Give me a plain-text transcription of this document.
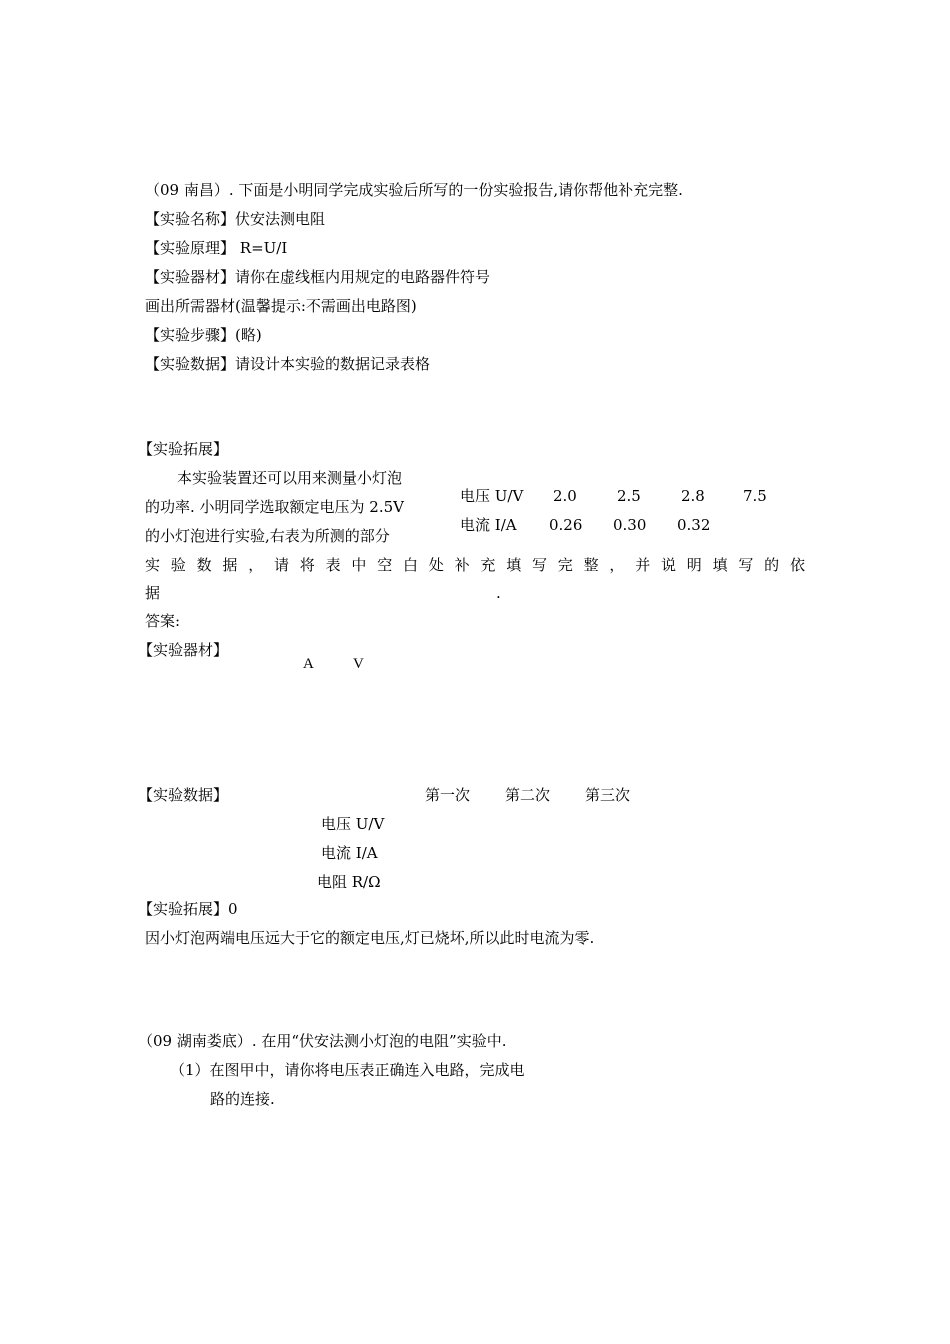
（09 南昌）. 下面是小明同学完成实验后所写的一份实验报告,请你帮他补充完整.
【实验名称】伏安法测电阻
【实验原理】 R=U/I
【实验器材】请你在虚线框内用规定的电路器件符号
画出所需器材(温馨提示:不需画出电路图)
【实验步骤】(略)
【实验数据】请设计本实验的数据记录表格
【实验拓展】
本实验装置还可以用来测量小灯泡
的功率. 小明同学选取额定电压为 2.5V
的小灯泡进行实验,右表为所测的部分
实验数据，请将表中空白处补充填写完整，并说明填写的依
据	.
电压 U/V 2.0	2.5	2.8	7.5
电流 I/A 0.26 0.30 0.32
答案:
【实验器材】
A	V
【实验数据】	第一次 第二次 第三次
电压 U/V
电流 I/A
电阻 R/Ω
【实验拓展】0
因小灯泡两端电压远大于它的额定电压,灯已烧坏,所以此时电流为零.
（09 湖南娄底）. 在用“伏安法测小灯泡的电阻”实验中.
（1）在图甲中，请你将电压表正确连入电路，完成电
路的连接.
